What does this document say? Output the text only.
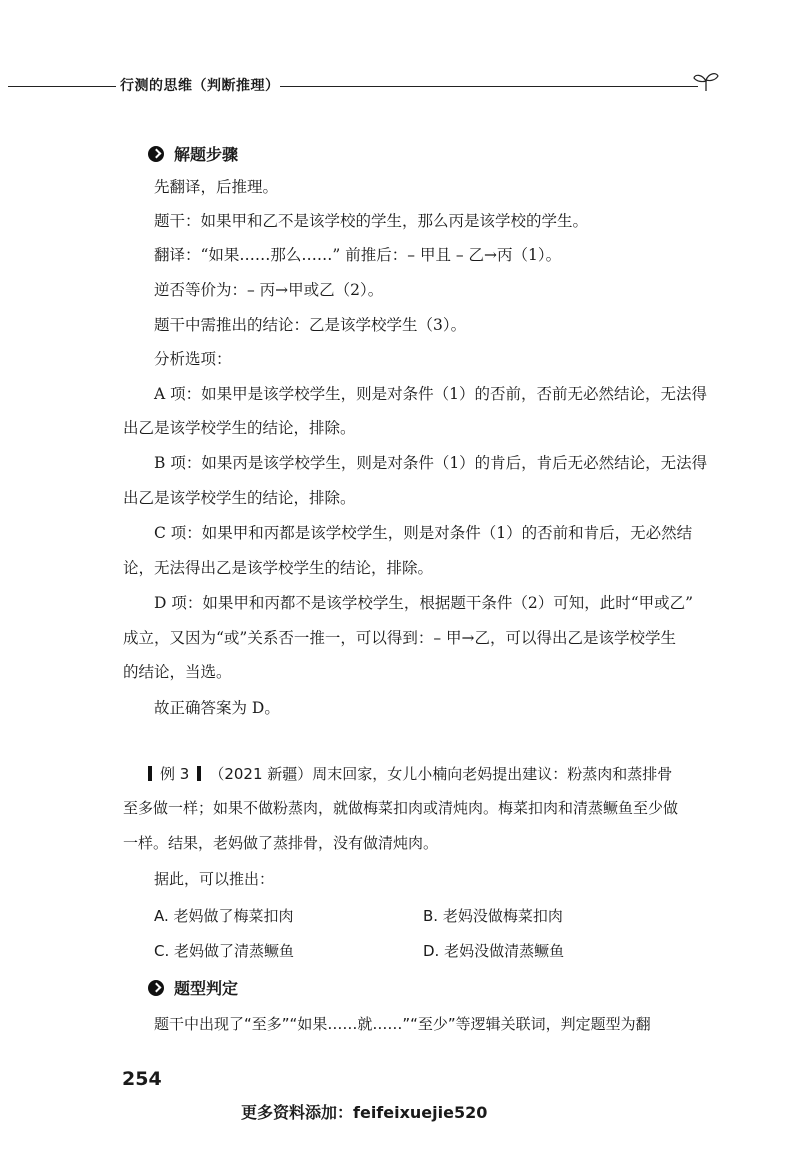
行测的思维（判断推理）
解题步骤
先翻译，后推理。
题干：如果甲和乙不是该学校的学生，那么丙是该学校的学生。
翻译：“如果……那么……” 前推后：– 甲且 – 乙→丙（1）。
逆否等价为：– 丙→甲或乙（2）。
题干中需推出的结论：乙是该学校学生（3）。
分析选项：
A 项：如果甲是该学校学生，则是对条件（1）的否前，否前无必然结论，无法得
出乙是该学校学生的结论，排除。
B 项：如果丙是该学校学生，则是对条件（1）的肯后，肯后无必然结论，无法得
出乙是该学校学生的结论，排除。
C 项：如果甲和丙都是该学校学生，则是对条件（1）的否前和肯后，无必然结
论，无法得出乙是该学校学生的结论，排除。
D 项：如果甲和丙都不是该学校学生，根据题干条件（2）可知，此时“甲或乙”
成立，又因为“或”关系否一推一，可以得到：– 甲→乙，可以得出乙是该学校学生
的结论，当选。
故正确答案为 D。
例 3 （2021 新疆）周末回家，女儿小楠向老妈提出建议：粉蒸肉和蒸排骨
至多做一样；如果不做粉蒸肉，就做梅菜扣肉或清炖肉。梅菜扣肉和清蒸鳜鱼至少做
一样。结果，老妈做了蒸排骨，没有做清炖肉。
据此，可以推出：
A. 老妈做了梅菜扣肉	B. 老妈没做梅菜扣肉
C. 老妈做了清蒸鳜鱼	D. 老妈没做清蒸鳜鱼
题型判定
题干中出现了“至多”“如果……就……”“至少”等逻辑关联词，判定题型为翻
254
更多资料添加：feifeixuejie520
